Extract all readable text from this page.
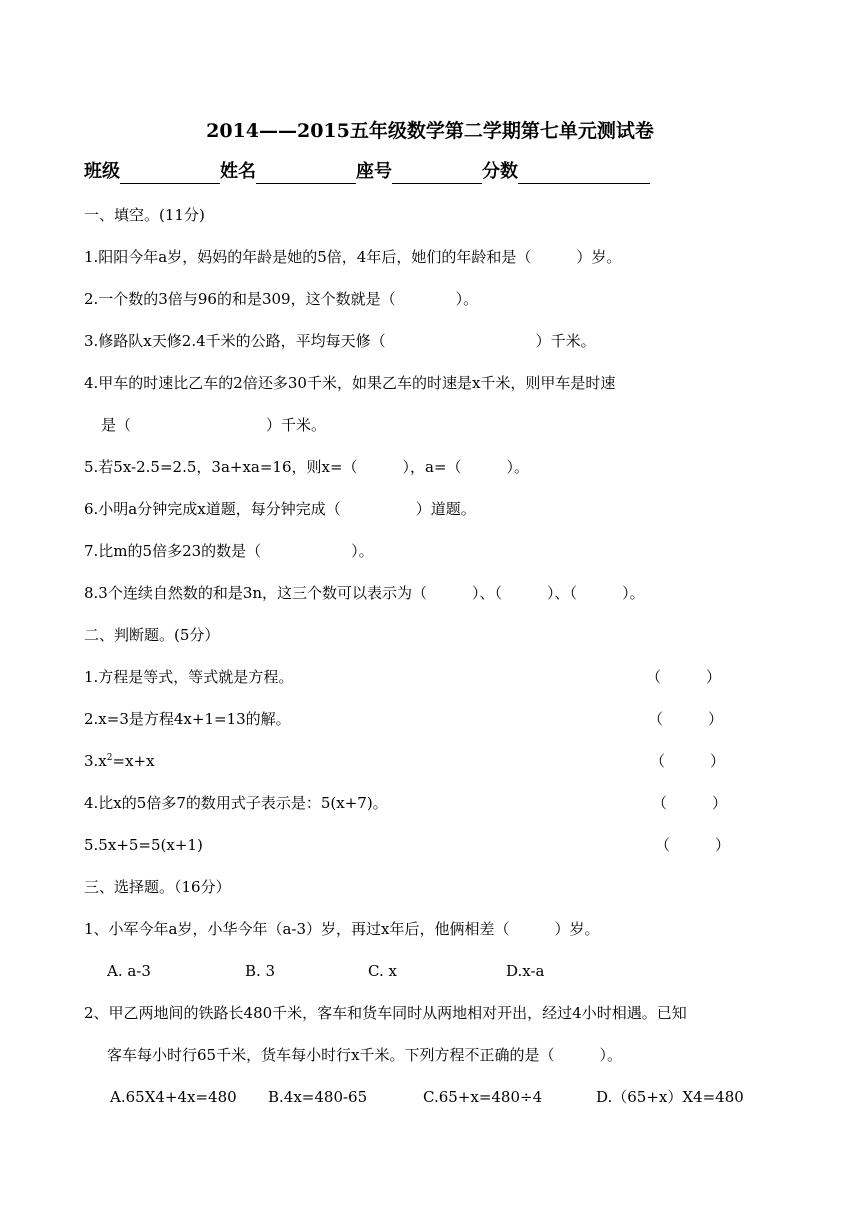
2014——2015五年级数学第二学期第七单元测试卷
班级	姓名	座号	分数
一、填空。(11分)
1.阳阳今年a岁，妈妈的年龄是她的5倍，4年后，她们的年龄和是（　　　）岁。
2.一个数的3倍与96的和是309，这个数就是（　　　　）。
3.修路队x天修2.4千米的公路，平均每天修（　　　　　　　　　　）千米。
4.甲车的时速比乙车的2倍还多30千米，如果乙车的时速是x千米，则甲车是时速
是（　　　　　　　　　）千米。
5.若5x-2.5=2.5，3a+xa=16，则x=（　　　），a=（　　　）。
6.小明a分钟完成x道题，每分钟完成（　　　　　）道题。
7.比m的5倍多23的数是（　　　　　　）。
8.3个连续自然数的和是3n，这三个数可以表示为（　　　）、（　　　）、（　　　）。
二、判断题。(5分）
1.方程是等式，等式就是方程。	（　　　）
2.x=3是方程4x+1=13的解。	（　　　）
$3.x^2=x+x$	（　　　）
4.比x的5倍多7的数用式子表示是：5(x+7)。	（　　　）
5.5x+5=5(x+1)	（　　　）
三、选择题。（16分）
1、小军今年a岁，小华今年（a-3）岁，再过x年后，他俩相差（　　　）岁。
A. a-3	B. 3	C. x	D.x-a
2、甲乙两地间的铁路长480千米，客车和货车同时从两地相对开出，经过4小时相遇。已知
客车每小时行65千米，货车每小时行x千米。下列方程不正确的是（　　　）。
A.65X4+4x=480 B.4x=480-65	C.65+x=480÷4	D.（65+x）X4=480
